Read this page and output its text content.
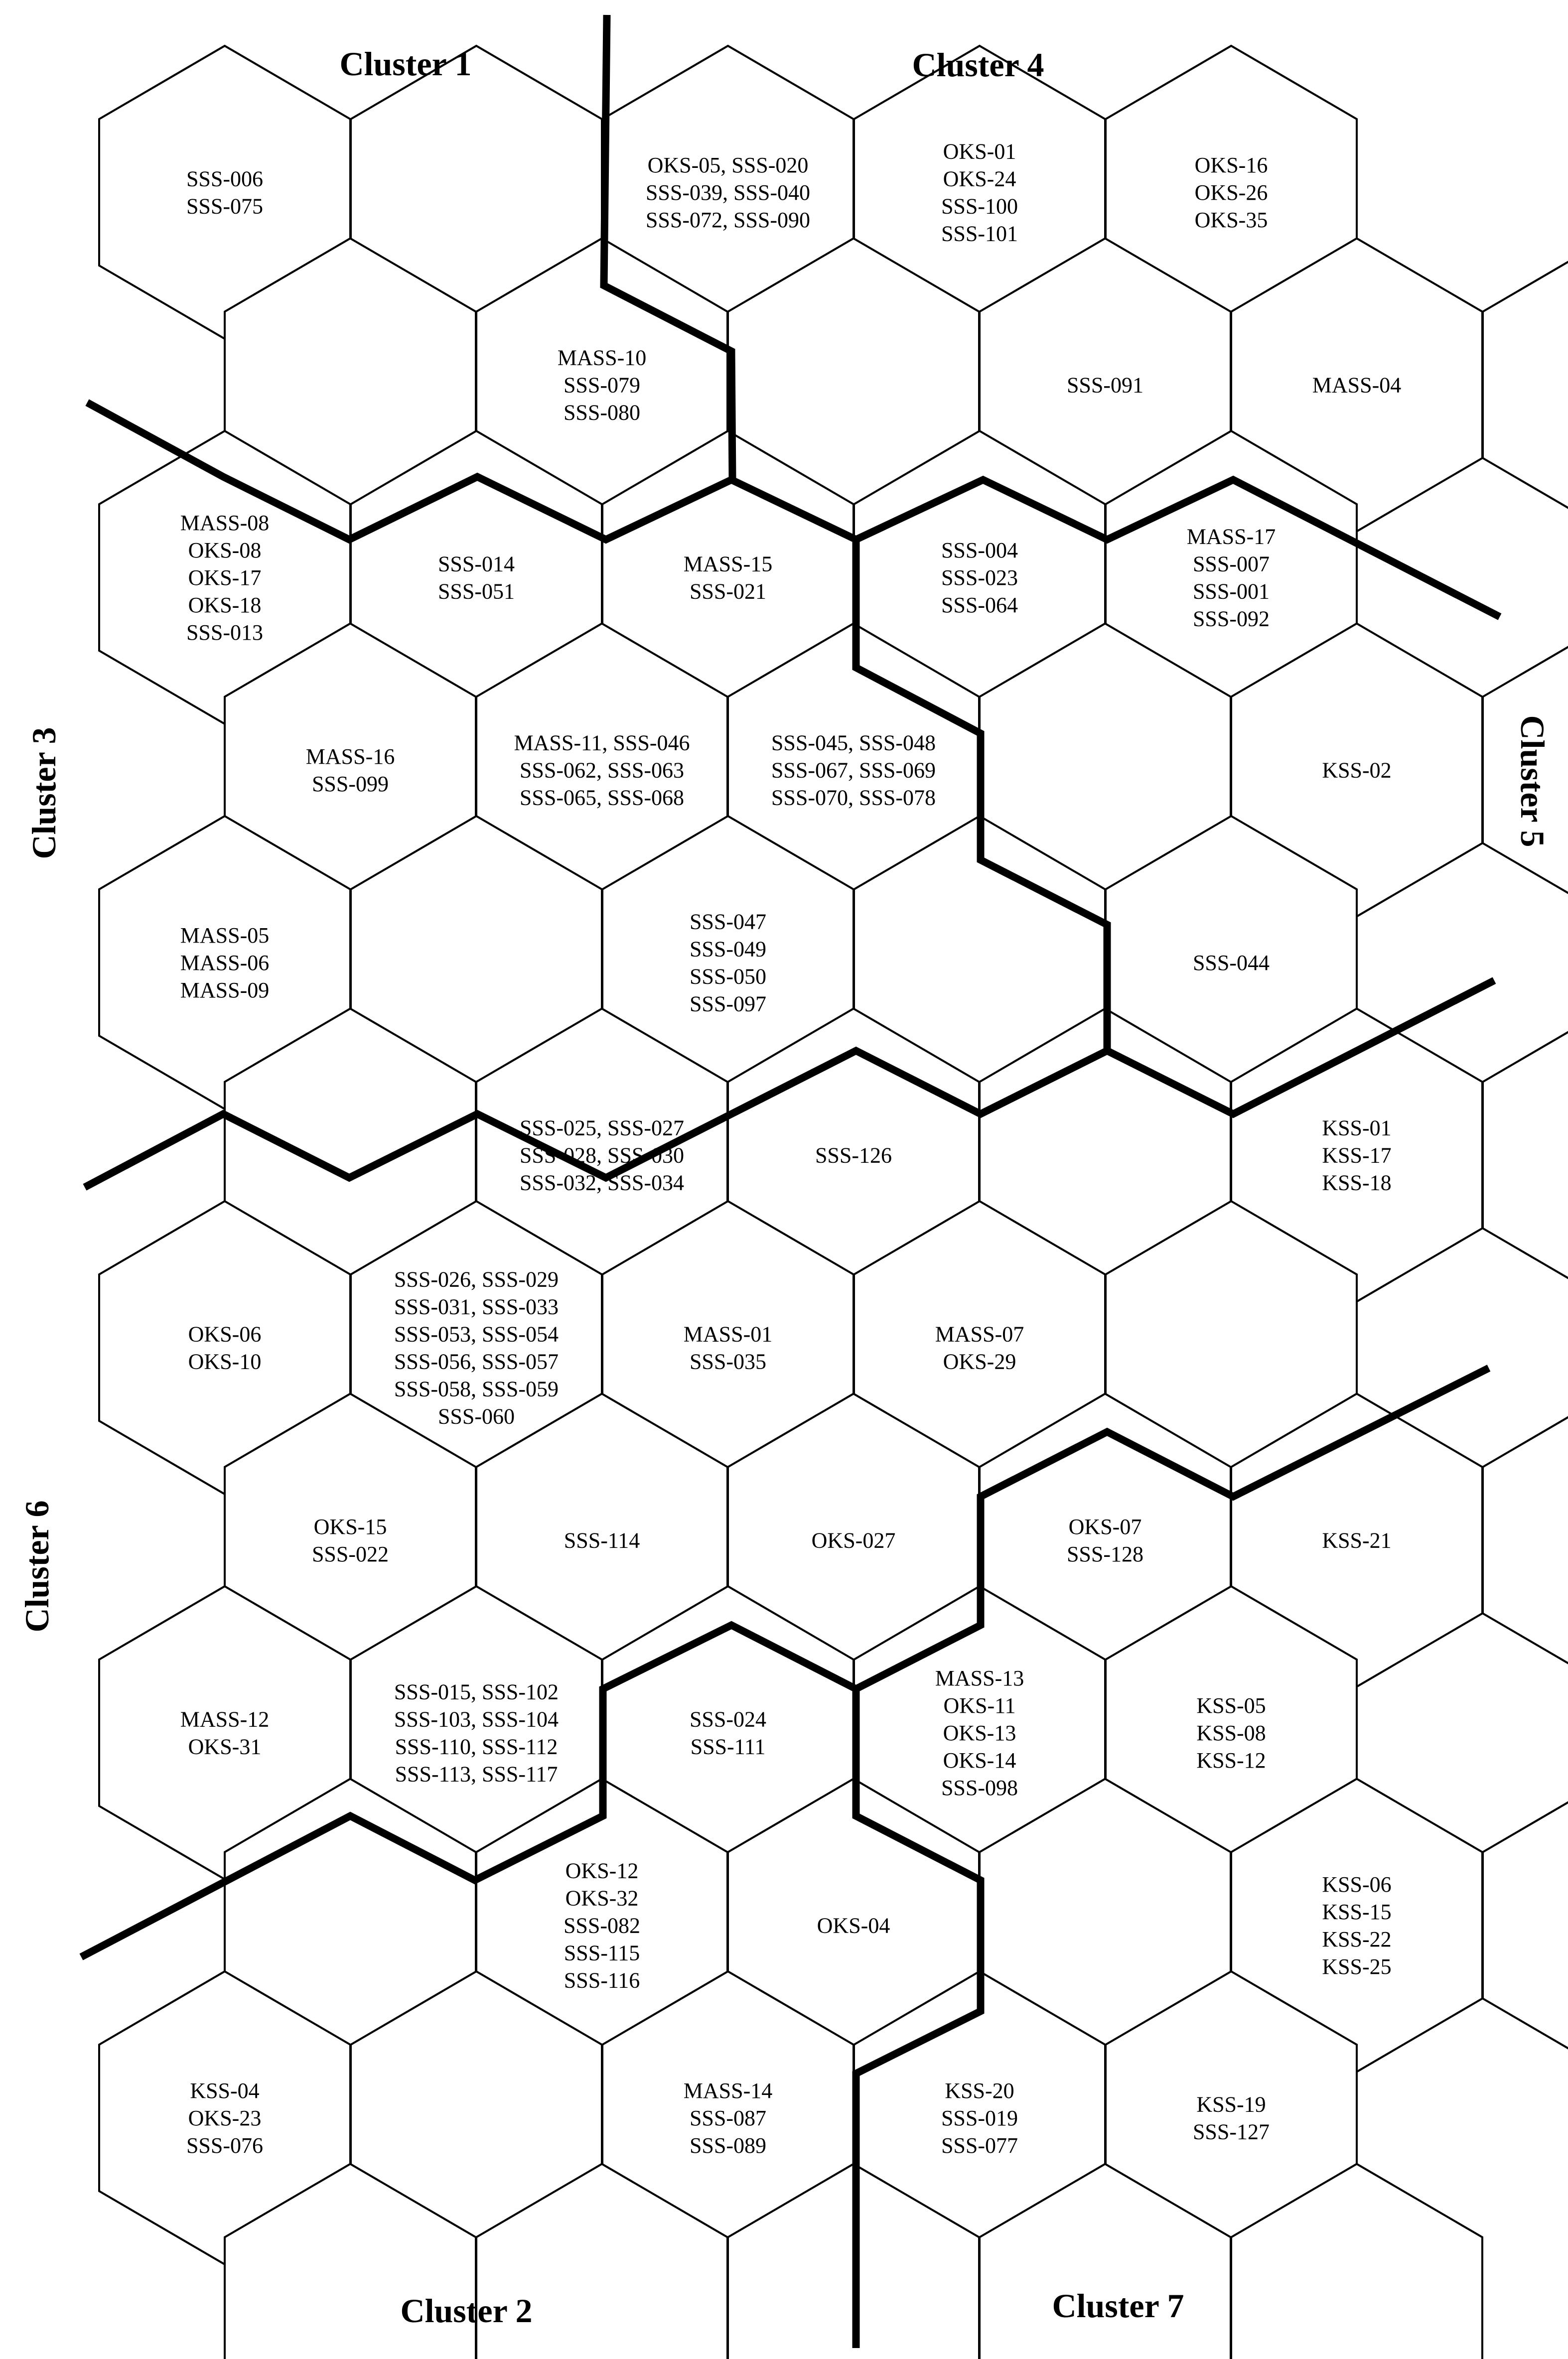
SSS-006 SSS-075
OKS-05, SSS-020 SSS-039, SSS-040 SSS-072, SSS-090
OKS-01 OKS-24 SSS-100 SSS-101
OKS-16 OKS-26 OKS-35
MASS-10 SSS-079 SSS-080
SSS-091	MASS-04
MASS-08 OKS-08 OKS-17 OKS-18 SSS-013
SSS-014 SSS-051
MASS-15 SSS-021
SSS-004 SSS-023 SSS-064
MASS-17 SSS-007 SSS-001 SSS-092
MASS-16 SSS-099
MASS-11, SSS-046 SSS-062, SSS-063 SSS-065, SSS-068
SSS-045, SSS-048 SSS-067, SSS-069 SSS-070, SSS-078
KSS-02
MASS-05 MASS-06 MASS-09
SSS-047 SSS-049 SSS-050 SSS-097
SSS-044
SSS-025, SSS-027 SSS-028, SSS-030 SSS-032, SSS-034
SSS-126
KSS-01 KSS-17 KSS-18
OKS-06 OKS-10
SSS-026, SSS-029 SSS-031, SSS-033 SSS-053, SSS-054 SSS-056, SSS-057 SSS-058, SSS-059 SSS-060
MASS-01 SSS-035
MASS-07 OKS-29
OKS-15 SSS-022
SSS-114	OKS-027
OKS-07 SSS-128
KSS-21
MASS-12 OKS-31
SSS-015, SSS-102 SSS-103, SSS-104 SSS-110, SSS-112 SSS-113, SSS-117
SSS-024 SSS-111
MASS-13 OKS-11 OKS-13 OKS-14 SSS-098
KSS-05 KSS-08 KSS-12
OKS-12 OKS-32 SSS-082 SSS-115 SSS-116
OKS-04
KSS-06 KSS-15 KSS-22 KSS-25
KSS-04 OKS-23 SSS-076
MASS-14 SSS-087 SSS-089
KSS-20 SSS-019 SSS-077
KSS-19 SSS-127
Cluster 1	Cluster 4
Cluster 3	Cluster 5
Cluster 6
Cluster 2	Cluster 7
